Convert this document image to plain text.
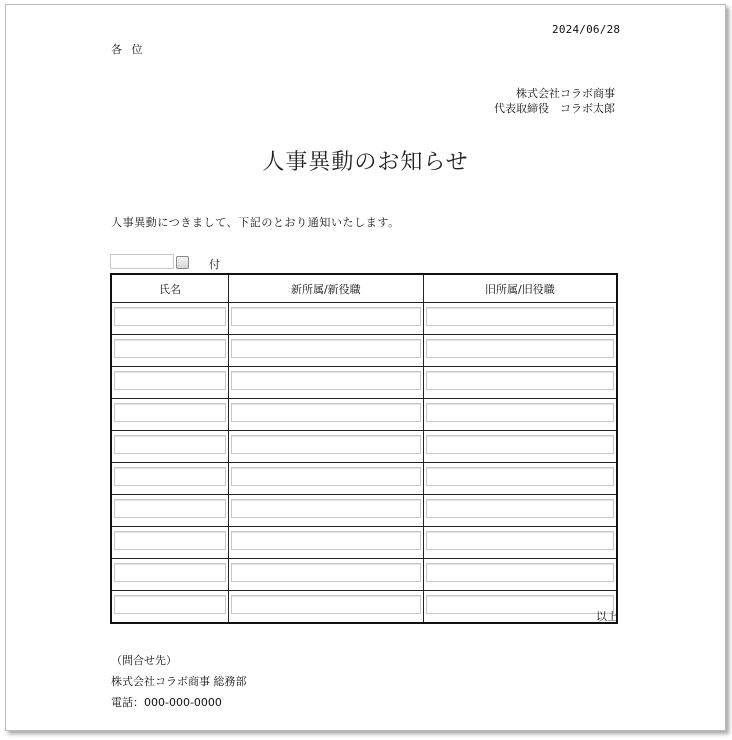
2024/06/28
各 位
株式会社コラボ商事
代表取締役　コラボ太郎
人事異動のお知らせ
人事異動につきまして、下記のとおり通知いたします。
付
氏名	新所属/新役職	旧所属/旧役職

以上
（問合せ先）
株式会社コラボ商事 総務部
電話：000-000-0000
